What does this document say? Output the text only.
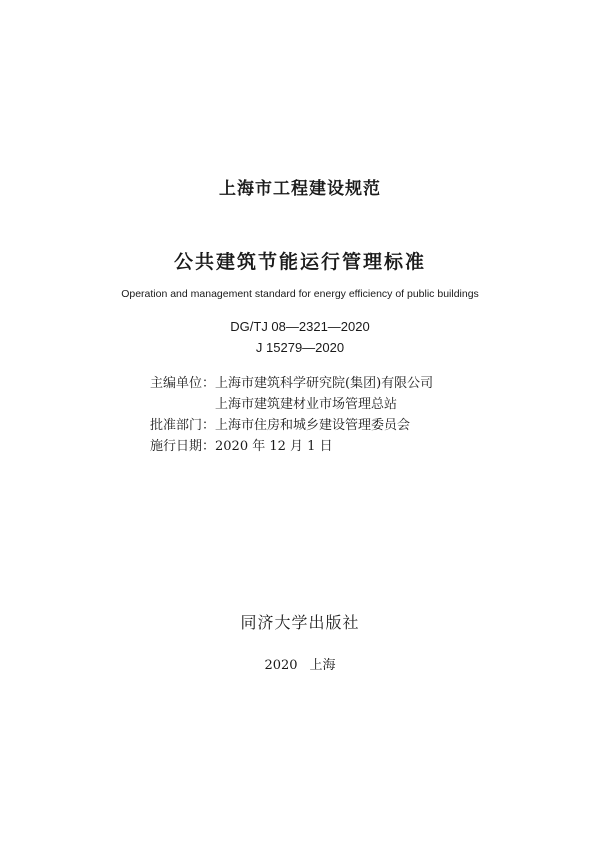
上海市工程建设规范
公共建筑节能运行管理标准
Operation and management standard for energy efficiency of public buildings
DG/TJ 08—2321—2020
J 15279—2020
主编单位：上海市建筑科学研究院(集团)有限公司
上海市建筑建材业市场管理总站
批准部门：上海市住房和城乡建设管理委员会
施行日期：2020 年 12 月 1 日
同济大学出版社
2020 上海
